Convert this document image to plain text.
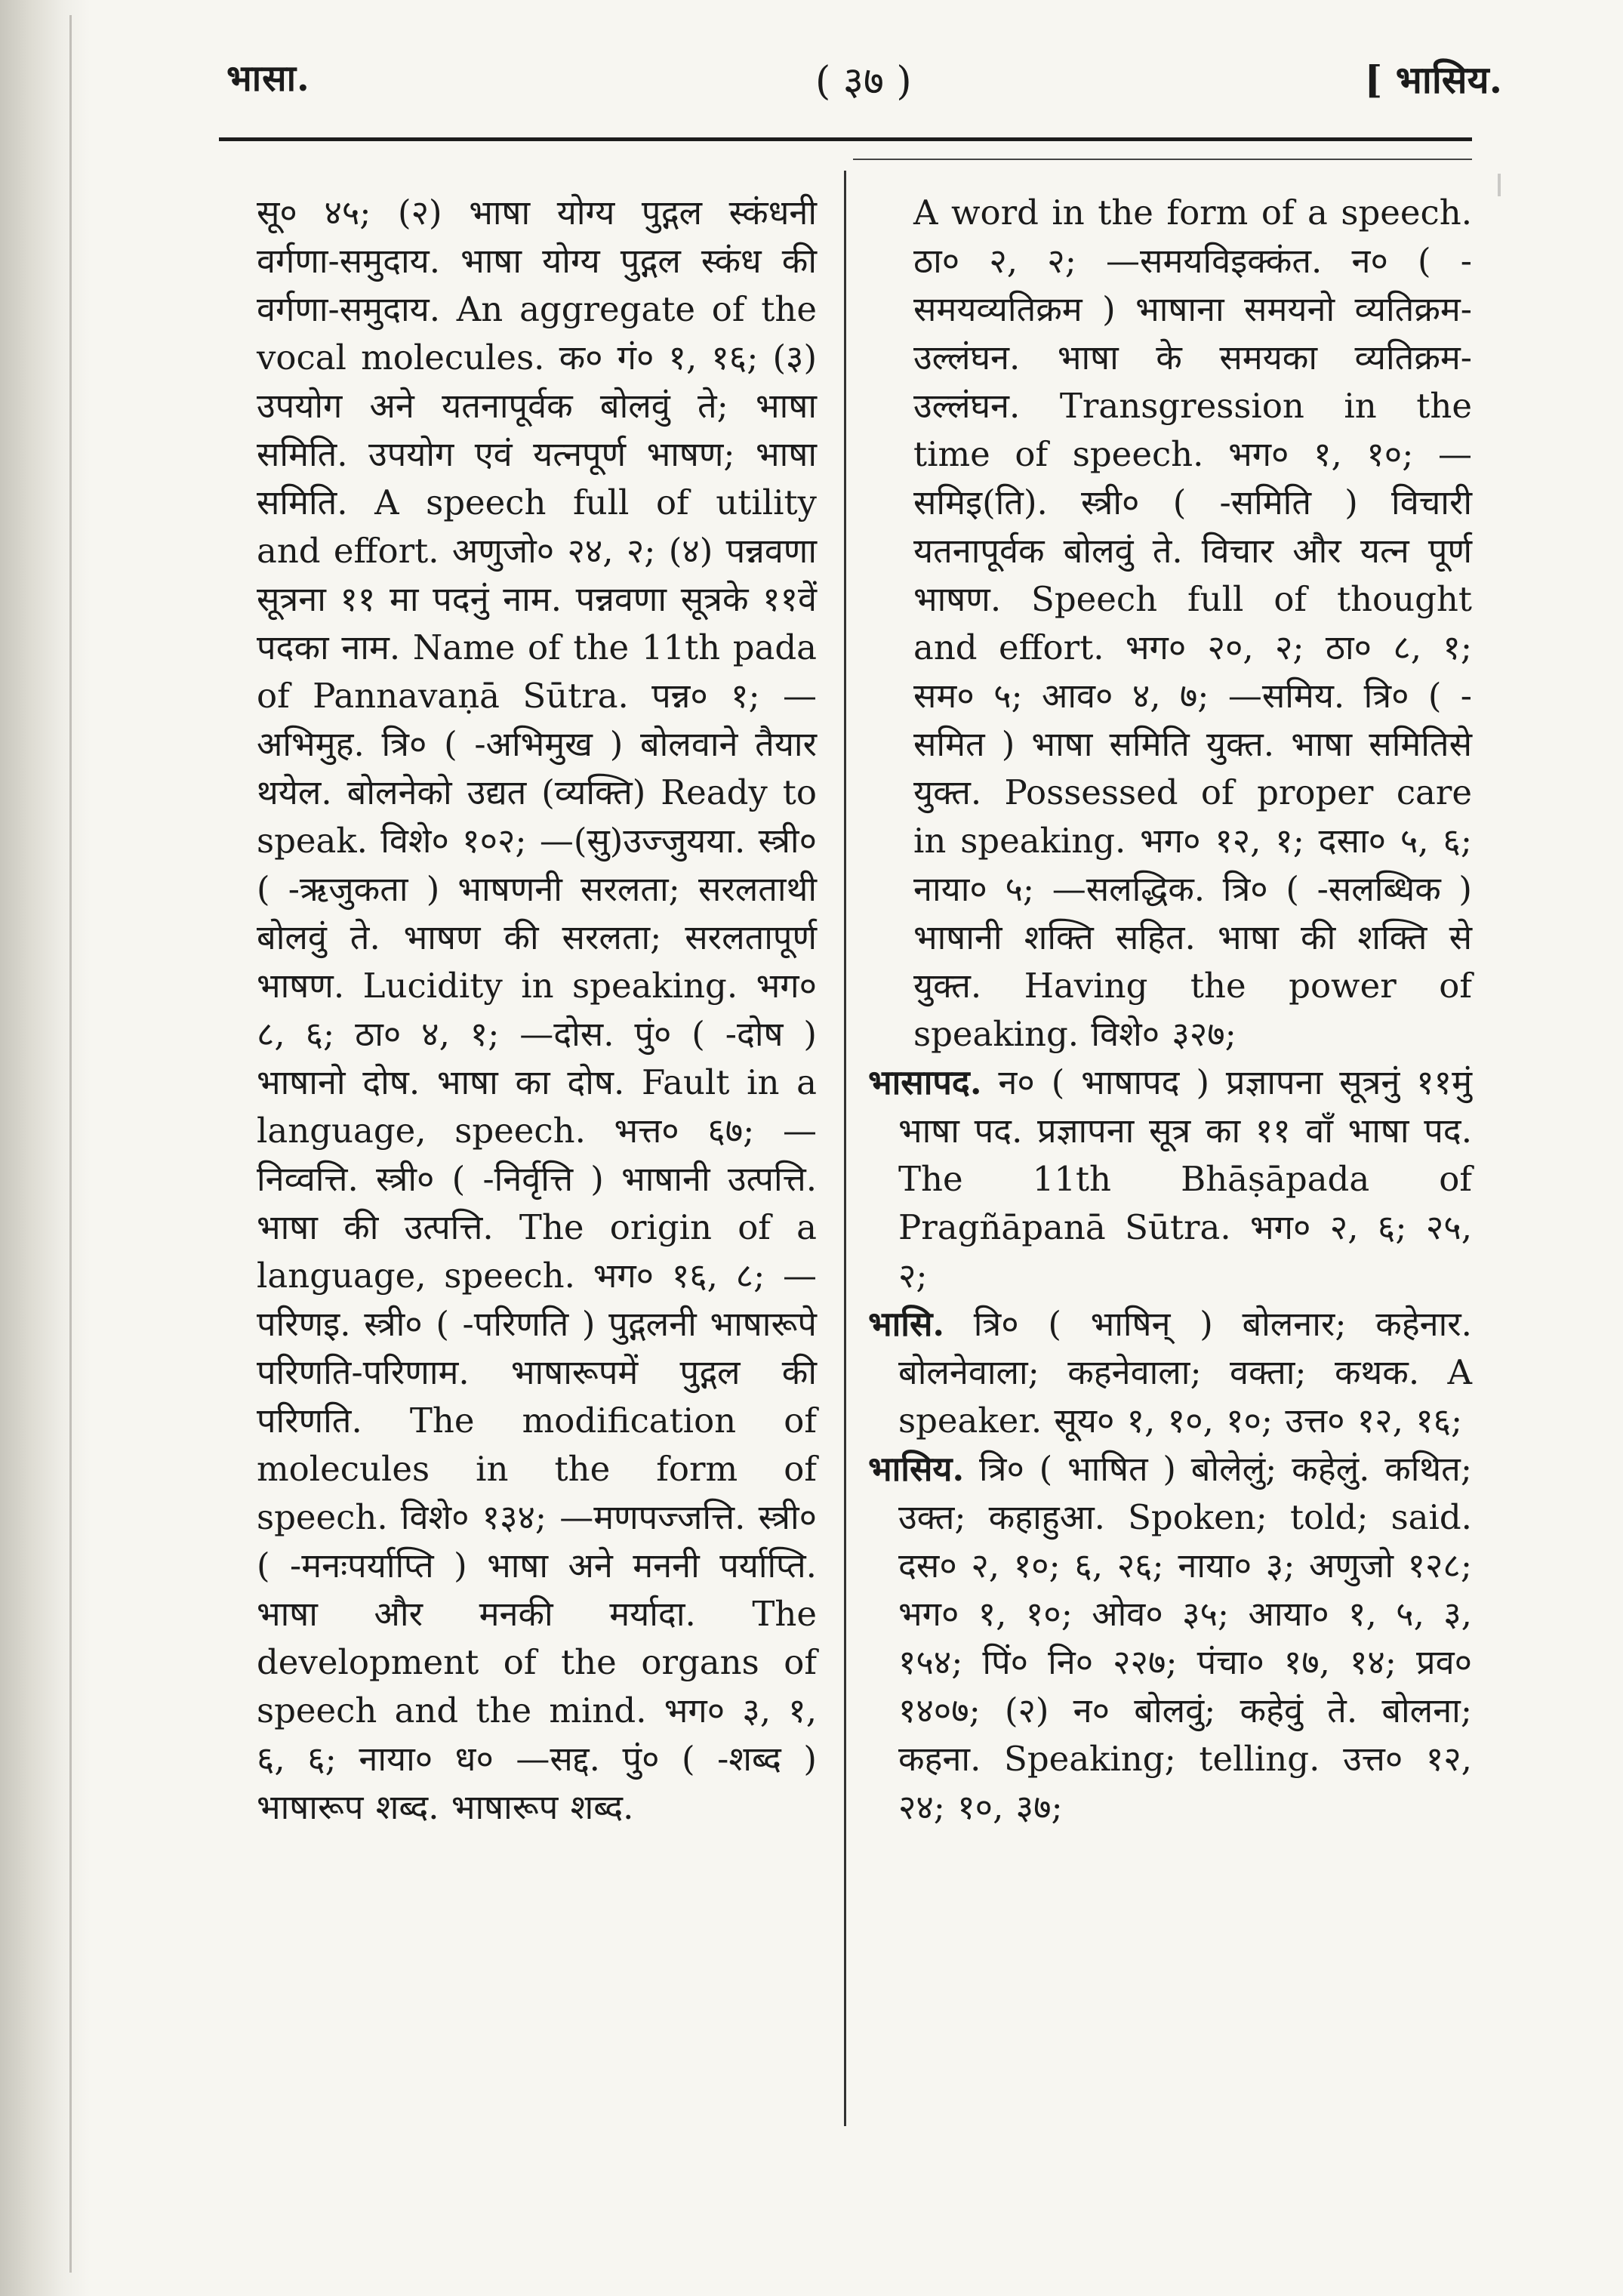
भासा.	( ३७ )	[ भासिय.

सू० ४५; (२) भाषा योग्य पुद्गल स्कंधनी वर्गणा-समुदाय. भाषा योग्य पुद्गल स्कंध की वर्गणा-समुदाय. An aggregate of the vocal molecules. क० गं० १, १६; (३) उपयोग अने यतनापूर्वक बोलवुं ते; भाषा समिति. उपयोग एवं यत्नपूर्ण भाषण; भाषा समिति. A speech full of utility and effort. अणुजो० २४, २; (४) पन्नवणा सूत्रना ११ मा पदनुं नाम. पन्नवणा सूत्रके ११वें पदका नाम. Name of the 11th pada of Pannavaṇā Sūtra. पन्न० १; —अभिमुह. त्रि० ( -अभिमुख ) बोलवाने तैयार थयेल. बोलनेको उद्यत (व्यक्ति) Ready to speak. विशे० १०२; —(सु)उज्जुयया. स्त्री० ( -ऋजुकता ) भाषणनी सरलता; सरलताथी बोलवुं ते. भाषण की सरलता; सरलतापूर्ण भाषण. Lucidity in speaking. भग० ८, ६; ठा० ४, १; —दोस. पुं० ( -दोष ) भाषानो दोष. भाषा का दोष. Fault in a language, speech. भत्त० ६७; —निव्वत्ति. स्त्री० ( -निर्वृत्ति ) भाषानी उत्पत्ति. भाषा की उत्पत्ति. The origin of a language, speech. भग० १६, ८; —परिणइ. स्त्री० ( -परिणति ) पुद्गलनी भाषारूपे परिणति-परिणाम. भाषारूपमें पुद्गल की परिणति. The modification of molecules in the form of speech. विशे० १३४; —मणपज्जत्ति. स्त्री० ( -मनःपर्याप्ति ) भाषा अने मननी पर्याप्ति. भाषा और मनकी मर्यादा. The development of the organs of speech and the mind. भग० ३, १, ६, ६; नाया० ध० —सद्द. पुं० ( -शब्द ) भाषारूप शब्द. भाषारूप शब्द.

A word in the form of a speech. ठा० २, २; —समयविइक्कंत. न० ( -समयव्यतिक्रम ) भाषाना समयनो व्यतिक्रम-उल्लंघन. भाषा के समयका व्यतिक्रम-उल्लंघन. Transgression in the time of speech. भग० १, १०; —समिइ(ति). स्त्री० ( -समिति ) विचारी यतनापूर्वक बोलवुं ते. विचार और यत्न पूर्ण भाषण. Speech full of thought and effort. भग० २०, २; ठा० ८, १; सम० ५; आव० ४, ७; —समिय. त्रि० ( -समित ) भाषा समिति युक्त. भाषा समितिसे युक्त. Possessed of proper care in speaking. भग० १२, १; दसा० ५, ६; नाया० ५; —सलद्धिक. त्रि० ( -सलब्धिक ) भाषानी शक्ति सहित. भाषा की शक्ति से युक्त. Having the power of speaking. विशे० ३२७;

भासापद. न० ( भाषापद ) प्रज्ञापना सूत्रनुं ११मुं भाषा पद. प्रज्ञापना सूत्र का ११ वाँ भाषा पद. The 11th Bhāṣāpada of Pragñāpanā Sūtra. भग० २, ६; २५, २;

भासि. त्रि० ( भाषिन् ) बोलनार; कहेनार. बोलनेवाला; कहनेवाला; वक्ता; कथक. A speaker. सूय० १, १०, १०; उत्त० १२, १६;

भासिय. त्रि० ( भाषित ) बोलेलुं; कहेलुं. कथित; उक्त; कहाहुआ. Spoken; told; said. दस० २, १०; ६, २६; नाया० ३; अणुजो १२८; भग० १, १०; ओव० ३५; आया० १, ५, ३, १५४; पिं० नि० २२७; पंचा० १७, १४; प्रव० १४०७; (२) न० बोलवुं; कहेवुं ते. बोलना; कहना. Speaking; telling. उत्त० १२, २४; १०, ३७;
